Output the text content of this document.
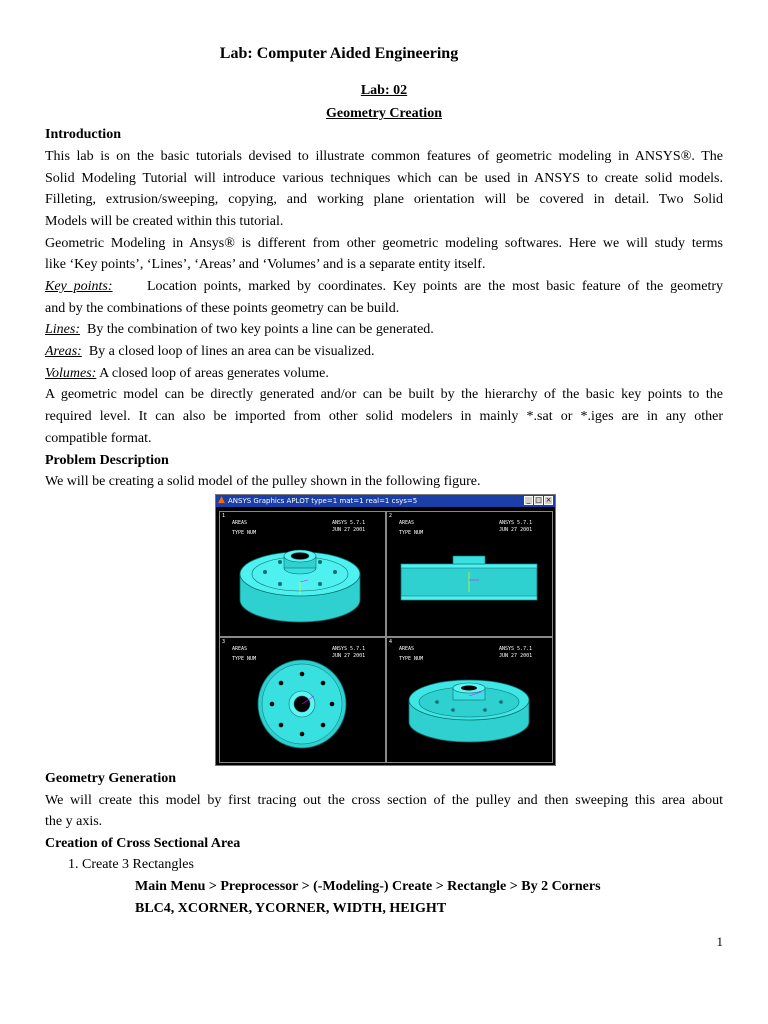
Lab: Computer Aided Engineering
Lab: 02
Geometry Creation
Introduction
This lab is on the basic tutorials devised to illustrate common features of geometric modeling in ANSYS®. The
Solid Modeling Tutorial will introduce various techniques which can be used in ANSYS to create solid models.
Filleting, extrusion/sweeping, copying, and working plane orientation will be covered in detail. Two Solid
Models will be created within this tutorial.
Geometric Modeling in Ansys® is different from other geometric modeling softwares. Here we will study terms
like ‘Key points’, ‘Lines’, ‘Areas’ and ‘Volumes’ and is a separate entity itself.
Key points: Location points, marked by coordinates. Key points are the most basic feature of the geometry
and by the combinations of these points geometry can be build.
Lines: By the combination of two key points a line can be generated.
Areas: By a closed loop of lines an area can be visualized.
Volumes: A closed loop of areas generates volume.
A geometric model can be directly generated and/or can be built by the hierarchy of the basic key points to the
required level. It can also be imported from other solid modelers in mainly *.sat or *.iges are in any other
compatible format.
Problem Description
We will be creating a solid model of the pulley shown in the following figure.
▲ ANSYS Graphics APLOT type=1 mat=1 real=1 csys=5	_ □ ×
1
AREAS
TYPE NUM
ANSYS 5.7.1
JUN 27 2001
2
AREAS
TYPE NUM
ANSYS 5.7.1
JUN 27 2001
3
AREAS
TYPE NUM
ANSYS 5.7.1
JUN 27 2001
4
AREAS
TYPE NUM
ANSYS 5.7.1
JUN 27 2001
Geometry Generation
We will create this model by first tracing out the cross section of the pulley and then sweeping this area about
the y axis.
Creation of Cross Sectional Area
1. Create 3 Rectangles
Main Menu > Preprocessor > (-Modeling-) Create > Rectangle > By 2 Corners
BLC4, XCORNER, YCORNER, WIDTH, HEIGHT
1
